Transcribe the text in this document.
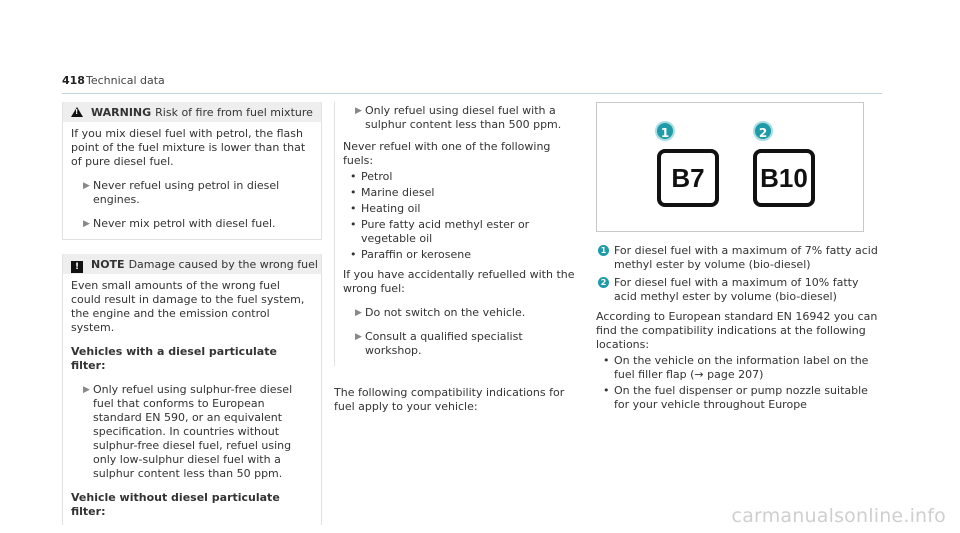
418 Technical data
!WARNING Risk of fire from fuel mixture
If you mix diesel fuel with petrol, the flash point of the fuel mixture is lower than that of pure diesel fuel.
▶
Never refuel using petrol in diesel engines.
▶
Never mix petrol with diesel fuel.
! NOTE Damage caused by the wrong fuel
Even small amounts of the wrong fuel could result in damage to the fuel system, the engine and the emission control system.
Vehicles with a diesel particulate filter:
▶
Only refuel using sulphur-free diesel fuel that conforms to European standard EN 590, or an equivalent specification. In countries without sulphur-free diesel fuel, refuel using only low-sulphur diesel fuel with a sulphur content less than 50 ppm.
Vehicle without diesel particulate filter:
▶
Only refuel using diesel fuel with a sulphur content less than 500 ppm.
Never refuel with one of the following fuels:
• Petrol
• Marine diesel
• Heating oil
• Pure fatty acid methyl ester or vegetable oil
• Paraffin or kerosene
If you have accidentally refuelled with the wrong fuel:
▶
Do not switch on the vehicle.
▶
Consult a qualified specialist workshop.
The following compatibility indications for fuel apply to your vehicle:
1	2
B7	B10
1 For diesel fuel with a maximum of 7% fatty acid methyl ester by volume (bio-diesel)
2 For diesel fuel with a maximum of 10% fatty acid methyl ester by volume (bio-diesel)
According to European standard EN 16942 you can find the compatibility indications at the following locations:
• On the vehicle on the information label on the fuel filler flap (→ page 207)
• On the fuel dispenser or pump nozzle suitable for your vehicle throughout Europe
carmanualsonline.info
